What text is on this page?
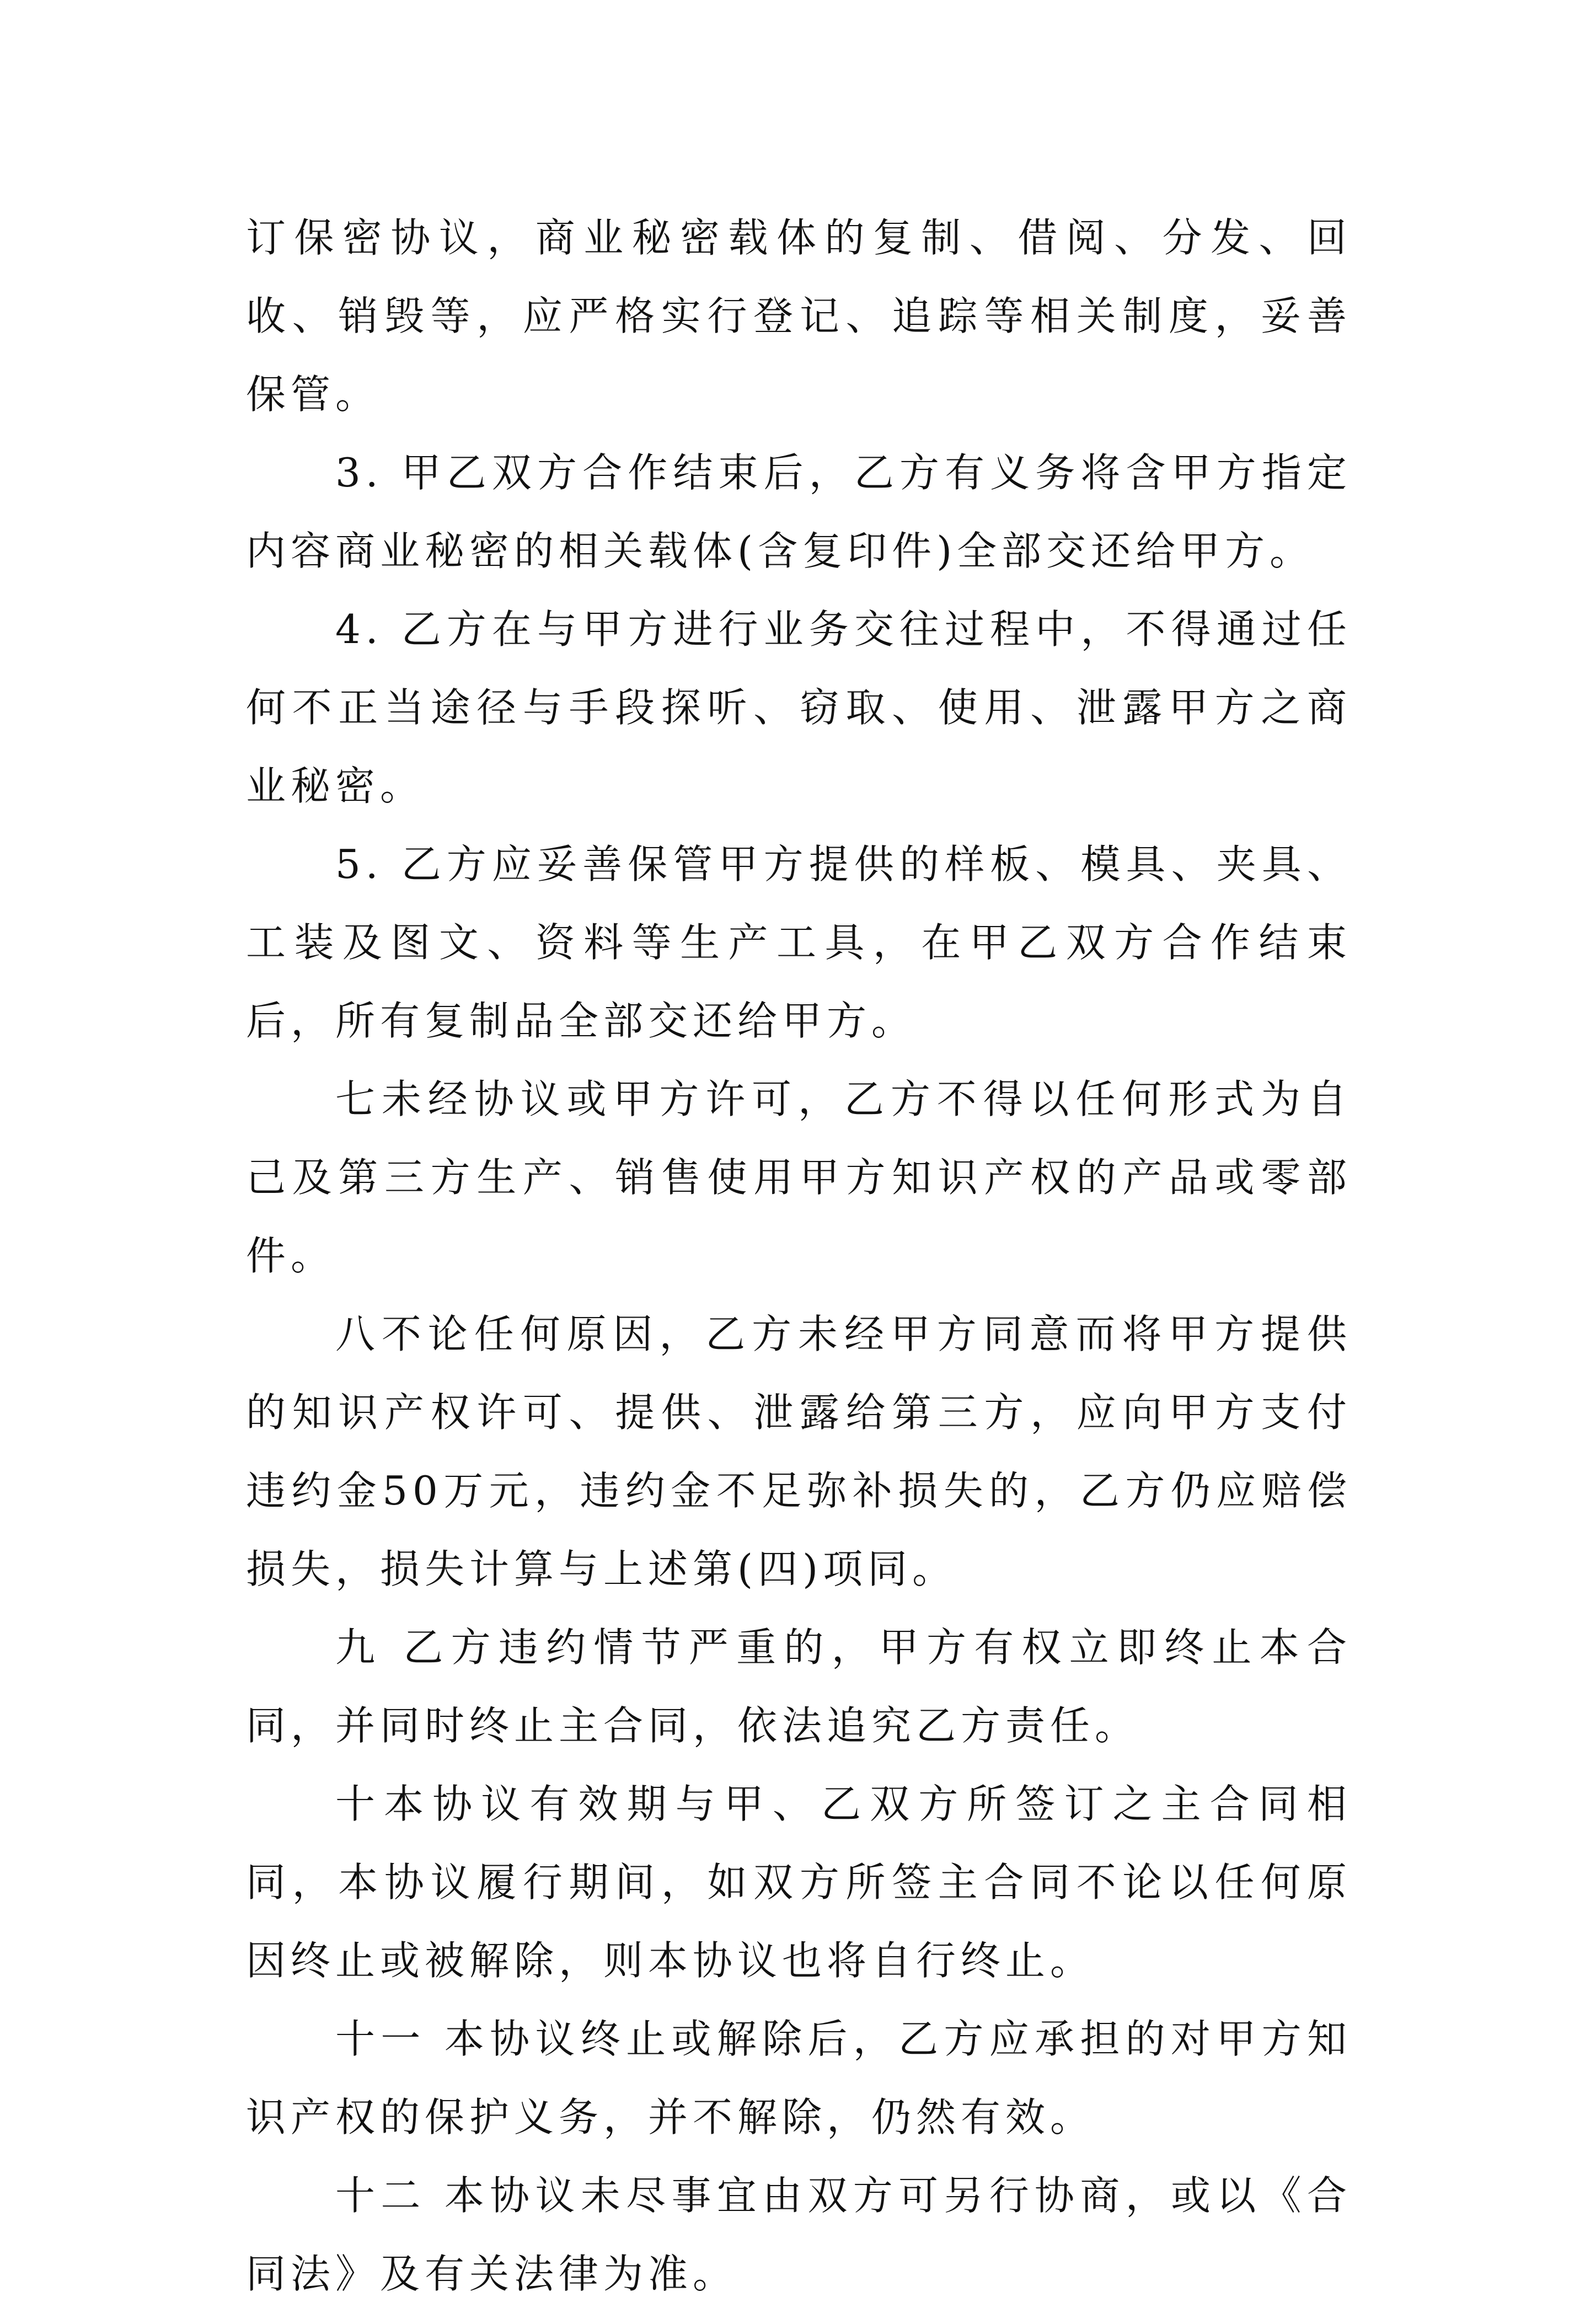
订保密协议，商业秘密载体的复制、借阅、分发、回收、销毁等，应严格实行登记、追踪等相关制度，妥善保管。

3. 甲乙双方合作结束后，乙方有义务将含甲方指定内容商业秘密的相关载体(含复印件)全部交还给甲方。

4. 乙方在与甲方进行业务交往过程中，不得通过任何不正当途径与手段探听、窃取、使用、泄露甲方之商业秘密。

5. 乙方应妥善保管甲方提供的样板、模具、夹具、工装及图文、资料等生产工具，在甲乙双方合作结束后，所有复制品全部交还给甲方。

七未经协议或甲方许可，乙方不得以任何形式为自己及第三方生产、销售使用甲方知识产权的产品或零部件。

八不论任何原因，乙方未经甲方同意而将甲方提供的知识产权许可、提供、泄露给第三方，应向甲方支付违约金50万元，违约金不足弥补损失的，乙方仍应赔偿损失，损失计算与上述第(四)项同。

九 乙方违约情节严重的，甲方有权立即终止本合同，并同时终止主合同，依法追究乙方责任。

十本协议有效期与甲、乙双方所签订之主合同相同，本协议履行期间，如双方所签主合同不论以任何原因终止或被解除，则本协议也将自行终止。

十一 本协议终止或解除后，乙方应承担的对甲方知识产权的保护义务，并不解除，仍然有效。

十二 本协议未尽事宜由双方可另行协商，或以《合同法》及有关法律为准。
